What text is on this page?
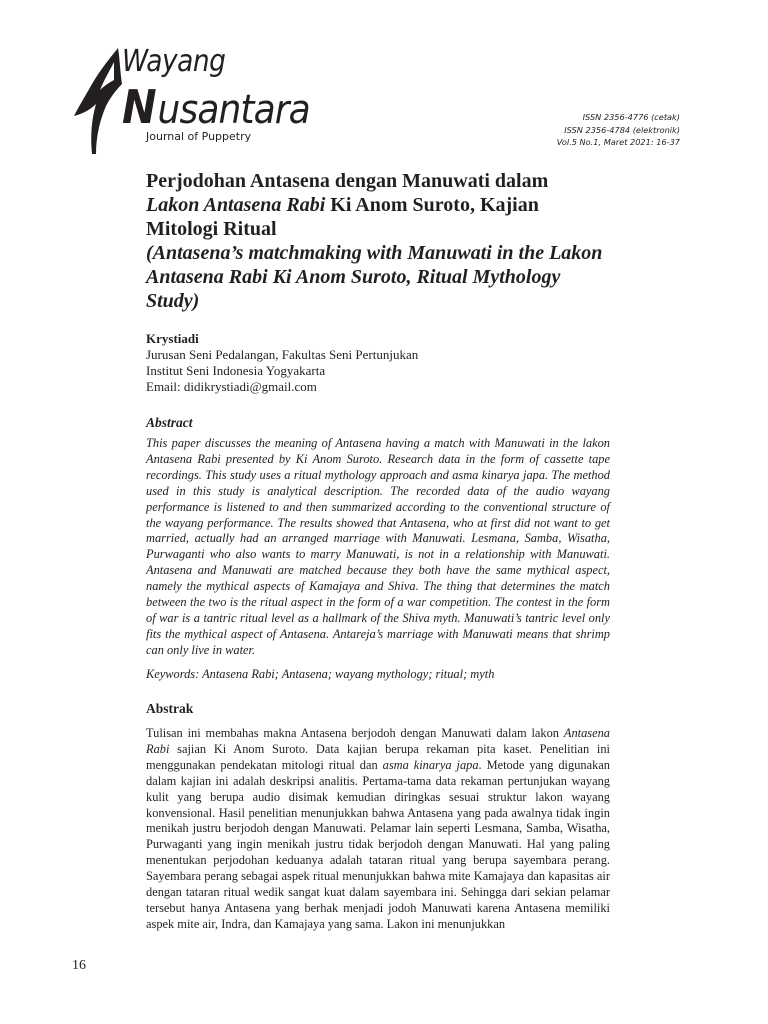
Wayang
Nusantara
Journal of Puppetry
ISSN 2356-4776 (cetak)
ISSN 2356-4784 (elektronik)
Vol.5 No.1, Maret 2021: 16-37
Perjodohan Antasena dengan Manuwati dalam
Lakon Antasena Rabi Ki Anom Suroto, Kajian Mitologi Ritual
(Antasena’s matchmaking with Manuwati in the Lakon Antasena Rabi Ki Anom Suroto, Ritual Mythology Study)
Krystiadi
Jurusan Seni Pedalangan, Fakultas Seni Pertunjukan
Institut Seni Indonesia Yogyakarta
Email: didikrystiadi@gmail.com
Abstract
This paper discusses the meaning of Antasena having a match with Manuwati in the lakon Antasena Rabi presented by Ki Anom Suroto. Research data in the form of cassette tape recordings. This study uses a ritual mythology approach and asma kinarya japa. The method used in this study is analytical description. The recorded data of the audio wayang performance is listened to and then summarized according to the conventional structure of the wayang performance. The results showed that Antasena, who at first did not want to get married, actually had an arranged marriage with Manuwati. Lesmana, Samba, Wisatha, Purwaganti who also wants to marry Manuwati, is not in a relationship with Manuwati. Antasena and Manuwati are matched because they both have the same mythical aspect, namely the mythical aspects of Kamajaya and Shiva. The thing that determines the match between the two is the ritual aspect in the form of a war competition. The contest in the form of war is a tantric ritual level as a hallmark of the Shiva myth. Manuwati’s tantric level only fits the mythical aspect of Antasena. Antareja’s marriage with Manuwati means that shrimp can only live in water.
Keywords: Antasena Rabi; Antasena; wayang mythology; ritual; myth
Abstrak
Tulisan ini membahas makna Antasena berjodoh dengan Manuwati dalam lakon Antasena Rabi sajian Ki Anom Suroto. Data kajian berupa rekaman pita kaset. Penelitian ini menggunakan pendekatan mitologi ritual dan asma kinarya japa. Metode yang digunakan dalam kajian ini adalah deskripsi analitis. Pertama-tama data rekaman pertunjukan wayang kulit yang berupa audio disimak kemudian diringkas sesuai struktur lakon wayang konvensional. Hasil penelitian menunjukkan bahwa Antasena yang pada awalnya tidak ingin menikah justru berjodoh dengan Manuwati. Pelamar lain seperti Lesmana, Samba, Wisatha, Purwaganti yang ingin menikah justru tidak berjodoh dengan Manuwati. Hal yang paling menentukan perjodohan keduanya adalah tataran ritual yang berupa sayembara perang. Sayembara perang sebagai aspek ritual menunjukkan bahwa mite Kamajaya dan kapasitas air dengan tataran ritual wedik sangat kuat dalam sayembara ini. Sehingga dari sekian pelamar tersebut hanya Antasena yang berhak menjadi jodoh Manuwati karena Antasena memiliki aspek mite air, Indra, dan Kamajaya yang sama. Lakon ini menunjukkan
16
